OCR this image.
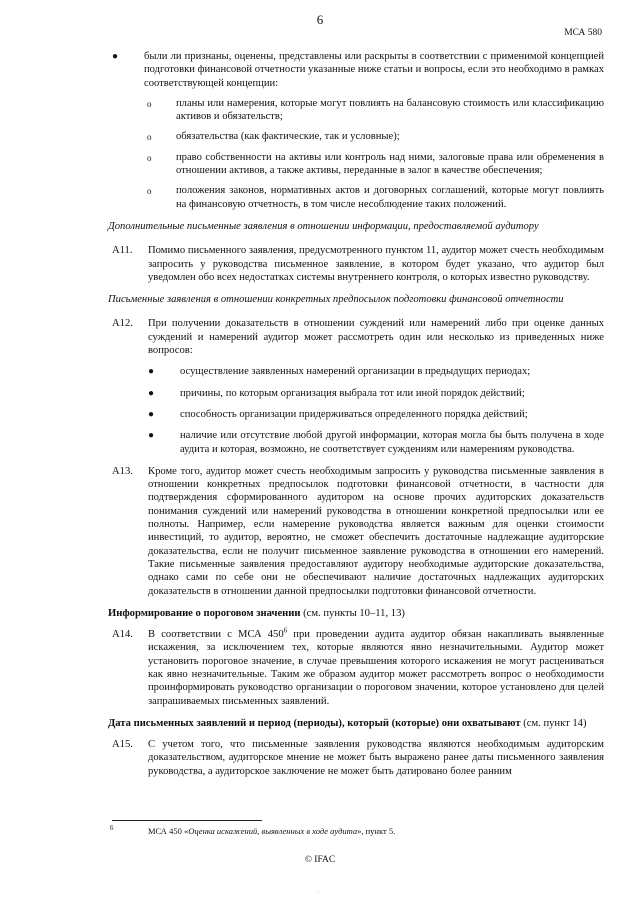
6
МСА 580
● были ли признаны, оценены, представлены или раскрыты в соответствии с применимой концепцией подготовки финансовой отчетности указанные ниже статьи и вопросы, если это необходимо в рамках соответствующей концепции:

o планы или намерения, которые могут повлиять на балансовую стоимость или классификацию активов и обязательств;

o обязательства (как фактические, так и условные);

o право собственности на активы или контроль над ними, залоговые права или обременения в отношении активов, а также активы, переданные в залог в качестве обеспечения;

o положения законов, нормативных актов и договорных соглашений, которые могут повлиять на финансовую отчетность, в том числе несоблюдение таких положений.

Дополнительные письменные заявления в отношении информации, предоставляемой аудитору

A11.	Помимо письменного заявления, предусмотренного пунктом 11, аудитор может счесть необходимым запросить у руководства письменное заявление, в котором будет указано, что аудитор был уведомлен обо всех недостатках системы внутреннего контроля, о которых известно руководству.

Письменные заявления в отношении конкретных предпосылок подготовки финансовой отчетности

A12.	При получении доказательств в отношении суждений или намерений либо при оценке данных суждений и намерений аудитор может рассмотреть один или несколько из приведенных ниже вопросов:

● осуществление заявленных намерений организации в предыдущих периодах;

● причины, по которым организация выбрала тот или иной порядок действий;

● способность организации придерживаться определенного порядка действий;

● наличие или отсутствие любой другой информации, которая могла бы быть получена в ходе аудита и которая, возможно, не соответствует суждениям или намерениям руководства.

A13.	Кроме того, аудитор может счесть необходимым запросить у руководства письменные заявления в отношении конкретных предпосылок подготовки финансовой отчетности, в частности для подтверждения сформированного аудитором на основе прочих аудиторских доказательств понимания суждений или намерений руководства в отношении конкретной предпосылки или ее полноты. Например, если намерение руководства является важным для оценки стоимости инвестиций, то аудитор, вероятно, не сможет обеспечить достаточные надлежащие аудиторские доказательства, если не получит письменное заявление руководства в отношении его намерений. Такие письменные заявления предоставляют аудитору необходимые аудиторские доказательства, однако сами по себе они не обеспечивают наличие достаточных надлежащих аудиторских доказательств в отношении данной предпосылки подготовки финансовой отчетности.

Информирование о пороговом значении (см. пункты 10–11, 13)

A14.	В соответствии с МСА $450^6$ при проведении аудита аудитор обязан накапливать выявленные искажения, за исключением тех, которые являются явно незначительными. Аудитор может установить пороговое значение, в случае превышения которого искажения не могут расцениваться как явно незначительные. Таким же образом аудитор может рассмотреть вопрос о необходимости проинформировать руководство организации о пороговом значении, которое установлено для целей запрашиваемых письменных заявлений.

Дата письменных заявлений и период (периоды), который (которые) они охватывают (см. пункт 14)

A15.	С учетом того, что письменные заявления руководства являются необходимым аудиторским доказательством, аудиторское мнение не может быть выражено ранее даты письменного заявления руководства, а аудиторское заключение не может быть датировано более ранним

6	МСА 450 «Оценка искажений, выявленных в ходе аудита», пункт 5.
© IFAC
.
